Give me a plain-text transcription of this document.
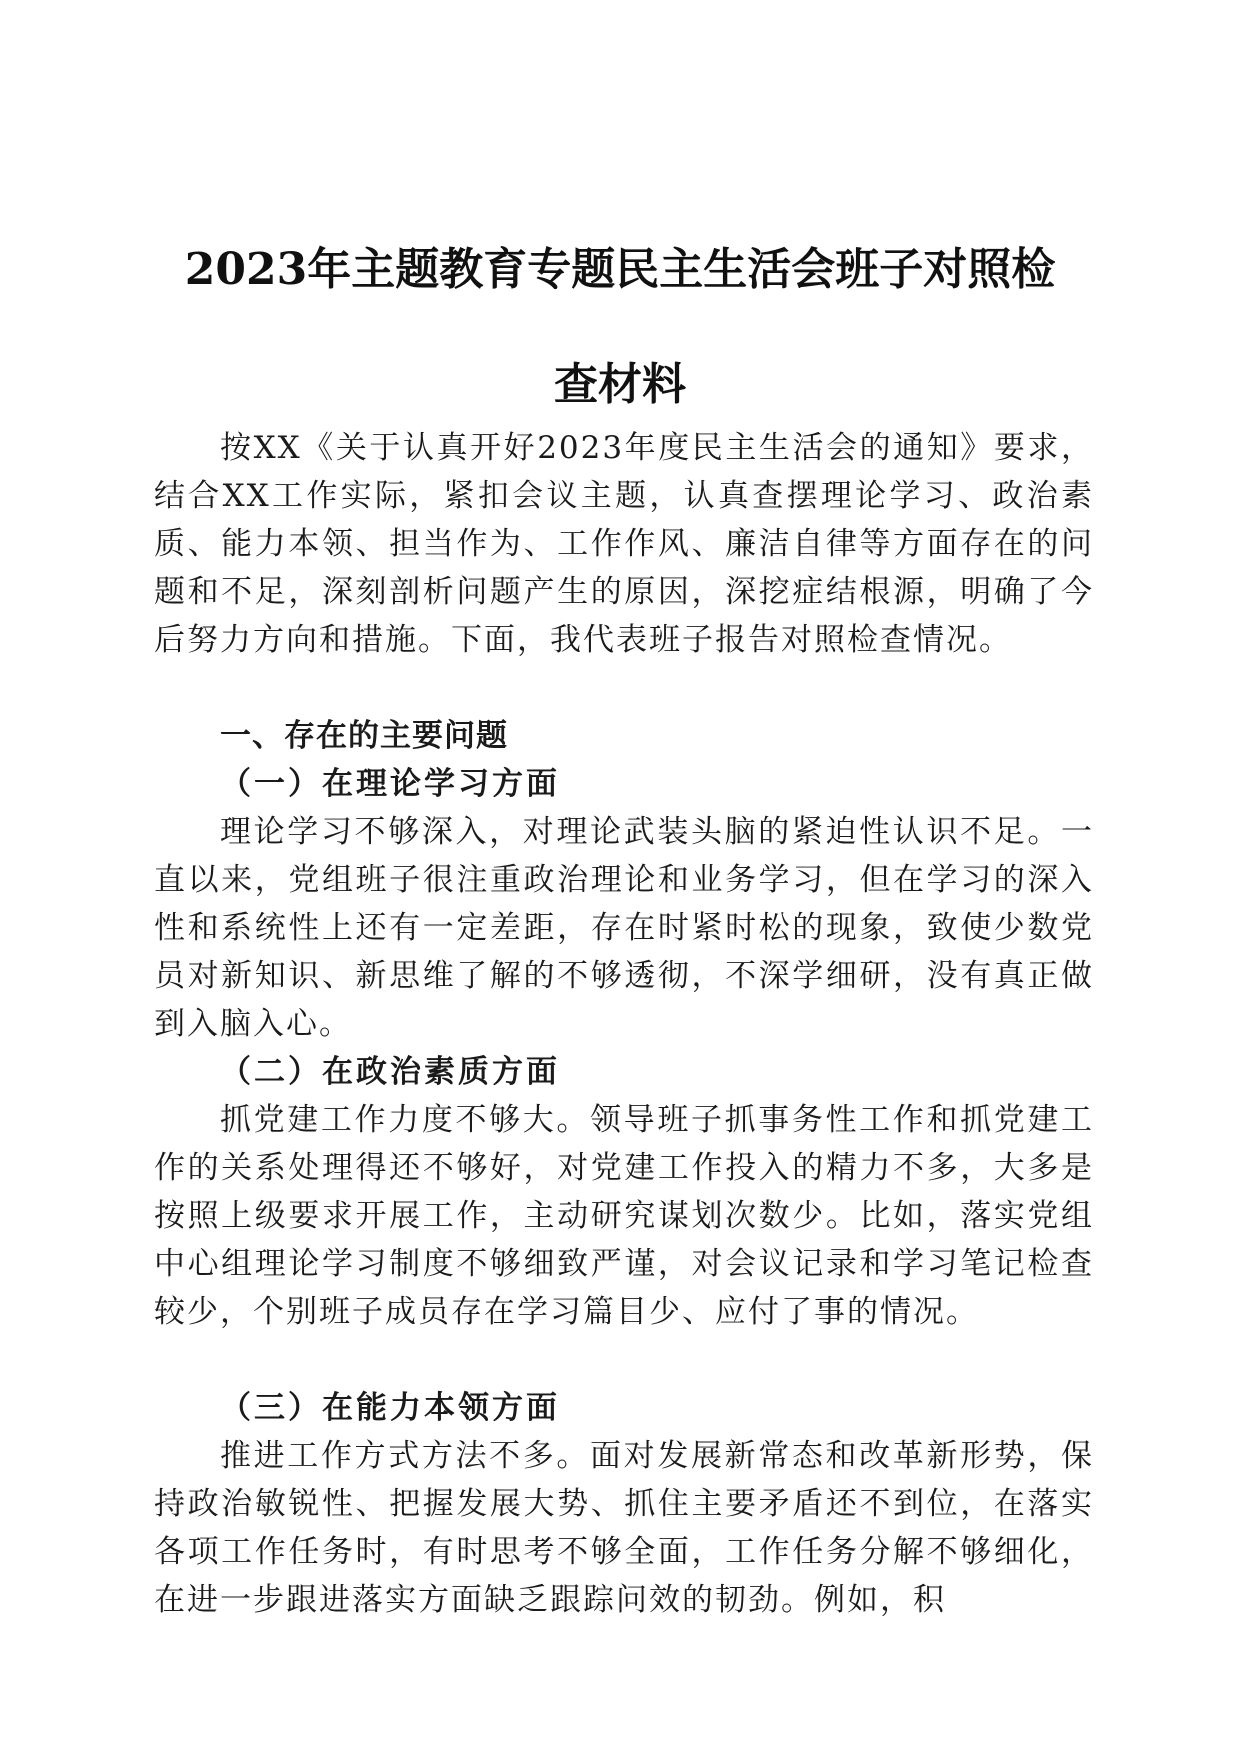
2023年主题教育专题民主生活会班子对照检
查材料

按XX《关于认真开好2023年度民主生活会的通知》要求，结合XX工作实际，紧扣会议主题，认真查摆理论学习、政治素质、能力本领、担当作为、工作作风、廉洁自律等方面存在的问题和不足，深刻剖析问题产生的原因，深挖症结根源，明确了今后努力方向和措施。下面，我代表班子报告对照检查情况。

一、存在的主要问题

（一）在理论学习方面

理论学习不够深入，对理论武装头脑的紧迫性认识不足。一直以来，党组班子很注重政治理论和业务学习，但在学习的深入性和系统性上还有一定差距，存在时紧时松的现象，致使少数党员对新知识、新思维了解的不够透彻，不深学细研，没有真正做到入脑入心。

（二）在政治素质方面

抓党建工作力度不够大。领导班子抓事务性工作和抓党建工作的关系处理得还不够好，对党建工作投入的精力不多，大多是按照上级要求开展工作，主动研究谋划次数少。比如，落实党组中心组理论学习制度不够细致严谨，对会议记录和学习笔记检查较少，个别班子成员存在学习篇目少、应付了事的情况。

（三）在能力本领方面

推进工作方式方法不多。面对发展新常态和改革新形势，保持政治敏锐性、把握发展大势、抓住主要矛盾还不到位，在落实各项工作任务时，有时思考不够全面，工作任务分解不够细化，在进一步跟进落实方面缺乏跟踪问效的韧劲。例如，积
